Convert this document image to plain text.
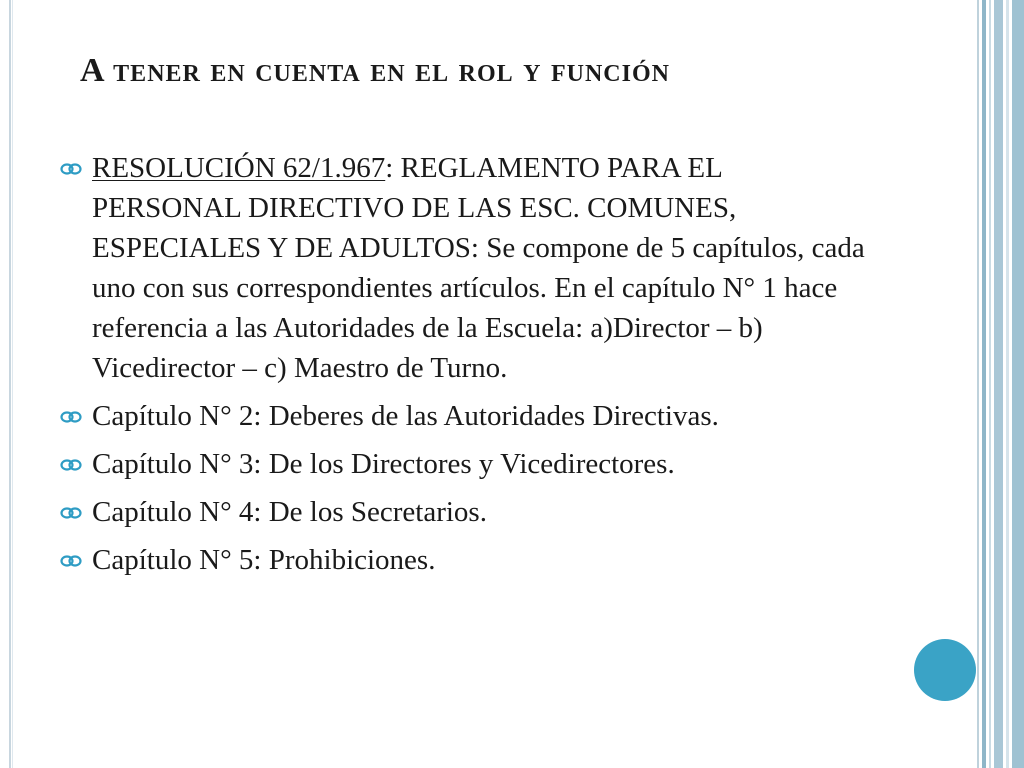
A tener en cuenta en el rol y función
RESOLUCIÓN 62/1.967: REGLAMENTO PARA EL PERSONAL DIRECTIVO DE LAS ESC. COMUNES, ESPECIALES Y DE ADULTOS: Se compone de 5 capítulos, cada uno con sus correspondientes artículos. En el capítulo N° 1 hace referencia a las Autoridades de la Escuela: a)Director – b) Vicedirector – c) Maestro de Turno.
Capítulo N° 2: Deberes de las Autoridades Directivas.
Capítulo N° 3: De los Directores y Vicedirectores.
Capítulo N° 4: De los Secretarios.
Capítulo N° 5: Prohibiciones.
